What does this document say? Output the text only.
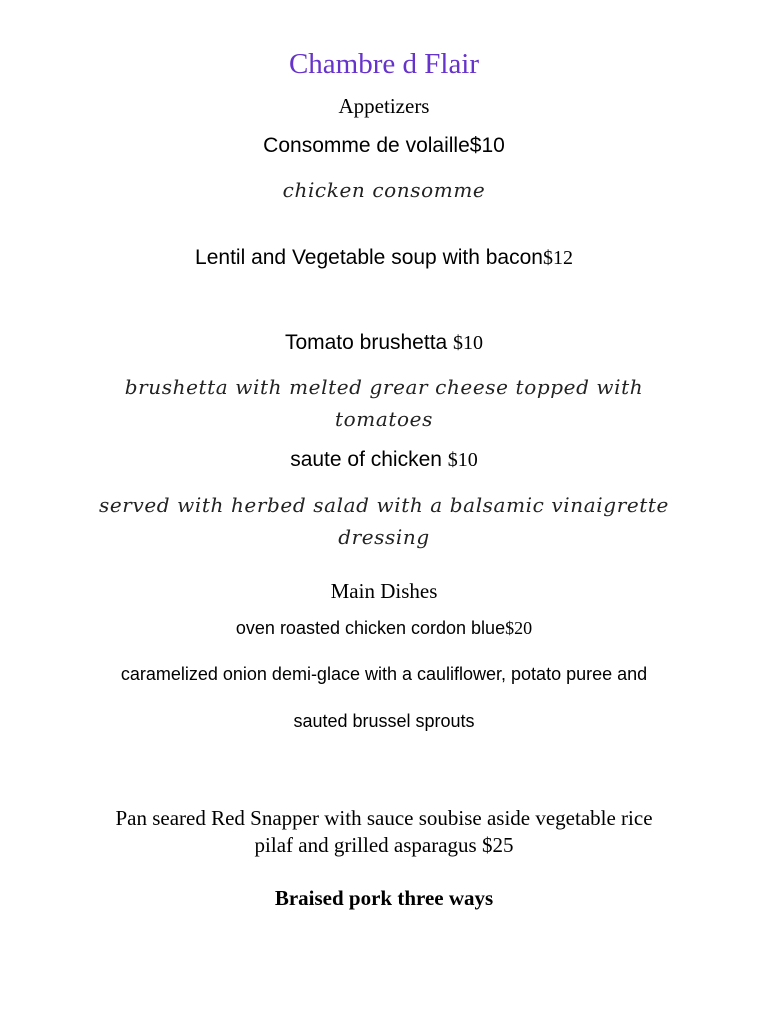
Chambre d Flair
Appetizers
Consomme de volaille$10
chicken consomme
Lentil and Vegetable soup with bacon$12
Tomato brushetta $10
brushetta with melted grear cheese topped with
tomatoes
saute of chicken $10
served with herbed salad with a balsamic vinaigrette
dressing
Main Dishes
oven roasted chicken cordon blue$20
caramelized onion demi-glace with a cauliflower, potato puree and
sauted brussel sprouts
Pan seared Red Snapper with sauce soubise aside vegetable rice
pilaf and grilled asparagus $25
Braised pork three ways
